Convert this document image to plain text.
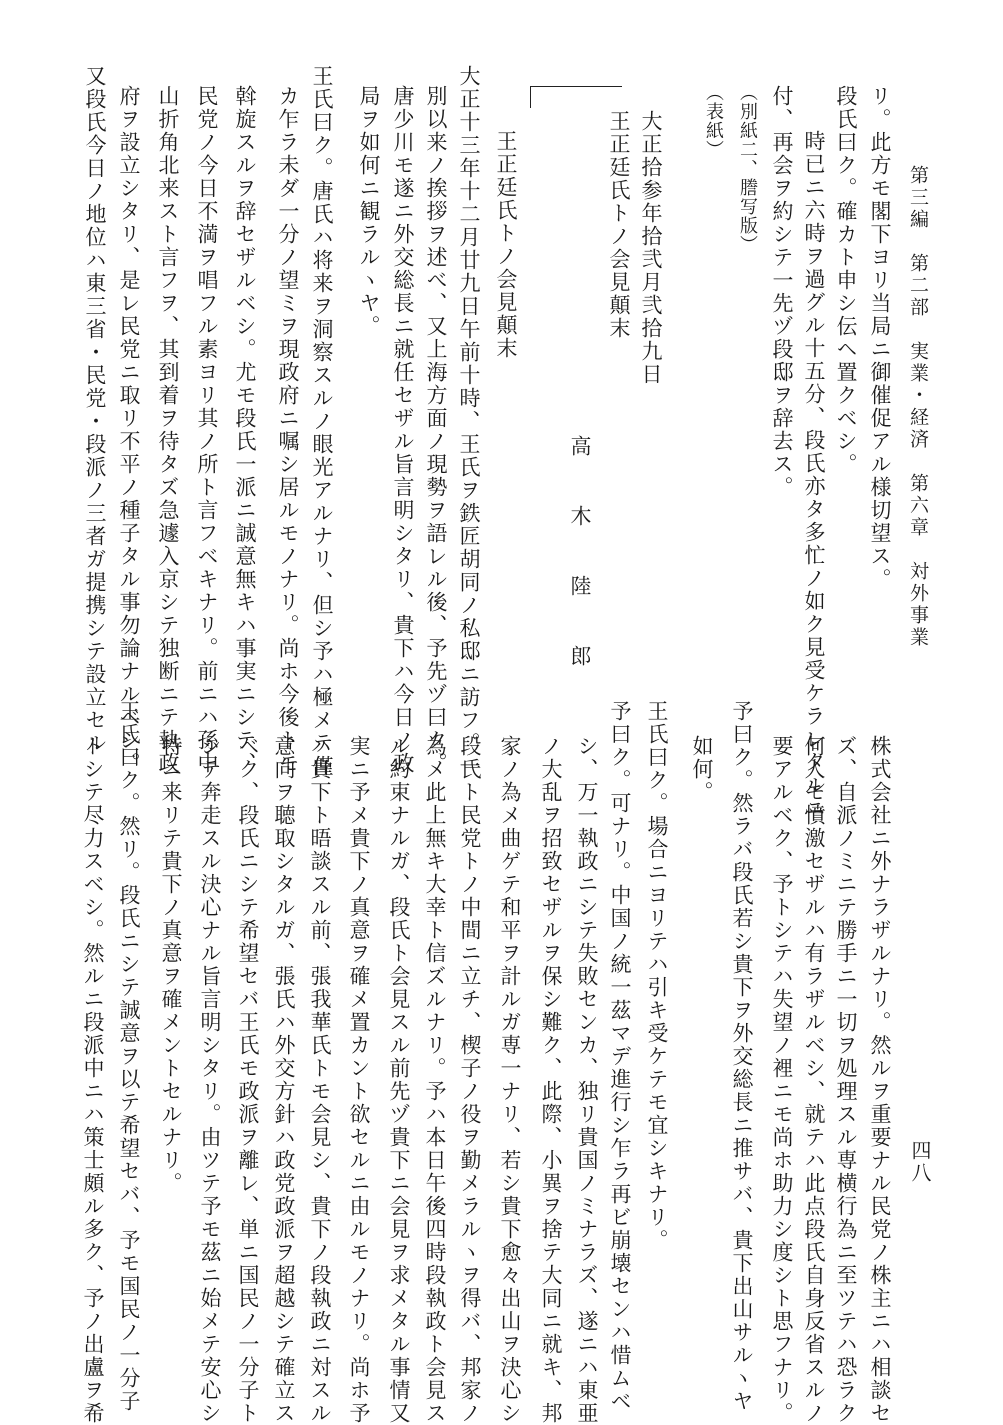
第三編　第二部　実業・経済　第六章　対外事業
四八
リ。此方モ閣下ヨリ当局ニ御催促アル様切望ス。
段氏曰ク。確カト申シ伝ヘ置クベシ。
時已ニ六時ヲ過グル十五分、段氏亦タ多忙ノ如ク見受ケラレタルニ
付、再会ヲ約シテ一先ヅ段邸ヲ辞去ス。
（別紙二、謄写版）
（表紙）
大正拾参年拾弐月弐拾九日
王正廷氏トノ会見顛末
高　木　陸　郎
王正廷氏トノ会見顛末
大正十三年十二月廿九日午前十時、王氏ヲ鉄匠胡同ノ私邸ニ訪フ。一
別以来ノ挨拶ヲ述べ、又上海方面ノ現勢ヲ語レル後、予先ヅ曰ク。
唐少川モ遂ニ外交総長ニ就任セザル旨言明シタリ、貴下ハ今日ノ政
局ヲ如何ニ観ラルヽヤ。
王氏曰ク。唐氏ハ将来ヲ洞察スルノ眼光アルナリ、但シ予ハ極メテ僅
カ乍ラ未ダ一分ノ望ミヲ現政府ニ嘱シ居ルモノナリ。尚ホ今後トモ
斡旋スルヲ辞セザルベシ。尤モ段氏一派ニ誠意無キハ事実ニシテ、
民党ノ今日不満ヲ唱フル素ヨリ其ノ所ト言フベキナリ。前ニハ孫中
山折角北来スト言フヲ、其到着ヲ待タズ急遽入京シテ独断ニテ執政
府ヲ設立シタリ、是レ民党ニ取リ不平ノ種子タル事勿論ナルベシ。
又段氏今日ノ地位ハ東三省・民党・段派ノ三者ガ提携シテ設立セル
株式会社ニ外ナラザルナリ。然ルヲ重要ナル民党ノ株主ニハ相談セ
ズ、自派ノミニテ勝手ニ一切ヲ処理スル専横行為ニ至ツテハ恐ラク
何人モ憤激セザルハ有ラザルベシ、就テハ此点段氏自身反省スルノ
要アルベク、予トシテハ失望ノ裡ニモ尚ホ助力シ度シト思フナリ。
予曰ク。然ラバ段氏若シ貴下ヲ外交総長ニ推サバ、貴下出山サルヽヤ
如何。
王氏曰ク。場合ニヨリテハ引キ受ケテモ宜シキナリ。
予曰ク。可ナリ。中国ノ統一茲マデ進行シ乍ラ再ビ崩壊センハ惜ムベ
シ、万一執政ニシテ失敗センカ、独リ貴国ノミナラズ、遂ニハ東亜
ノ大乱ヲ招致セザルヲ保シ難ク、此際、小異ヲ捨テ大同ニ就キ、邦
家ノ為メ曲ゲテ和平ヲ計ルガ専一ナリ、若シ貴下愈々出山ヲ決心シ
段氏ト民党トノ中間ニ立チ、楔子ノ役ヲ勤メラルヽヲ得バ、邦家ノ
為メ此上無キ大幸ト信ズルナリ。予ハ本日午後四時段執政ト会見ス
ル約束ナルガ、段氏ト会見スル前先ヅ貴下ニ会見ヲ求メタル事情又
実ニ予メ貴下ノ真意ヲ確メ置カント欲セルニ由ルモノナリ。尚ホ予
ハ貴下ト晤談スル前、張我華氏トモ会見シ、貴下ノ段執政ニ対スル
意向ヲ聴取シタルガ、張氏ハ外交方針ハ政党政派ヲ超越シテ確立ス
ベク、段氏ニシテ希望セバ王氏モ政派ヲ離レ、単ニ国民ノ一分子ト
シテ奔走スル決心ナル旨言明シタリ。由ツテ予モ茲ニ始メテ安心シ
特ニ来リテ貴下ノ真意ヲ確メントセルナリ。
王氏曰ク。然リ。段氏ニシテ誠意ヲ以テ希望セバ、予モ国民ノ一分子
トシテ尽力スベシ。然ルニ段派中ニハ策士頗ル多ク、予ノ出盧ヲ希
